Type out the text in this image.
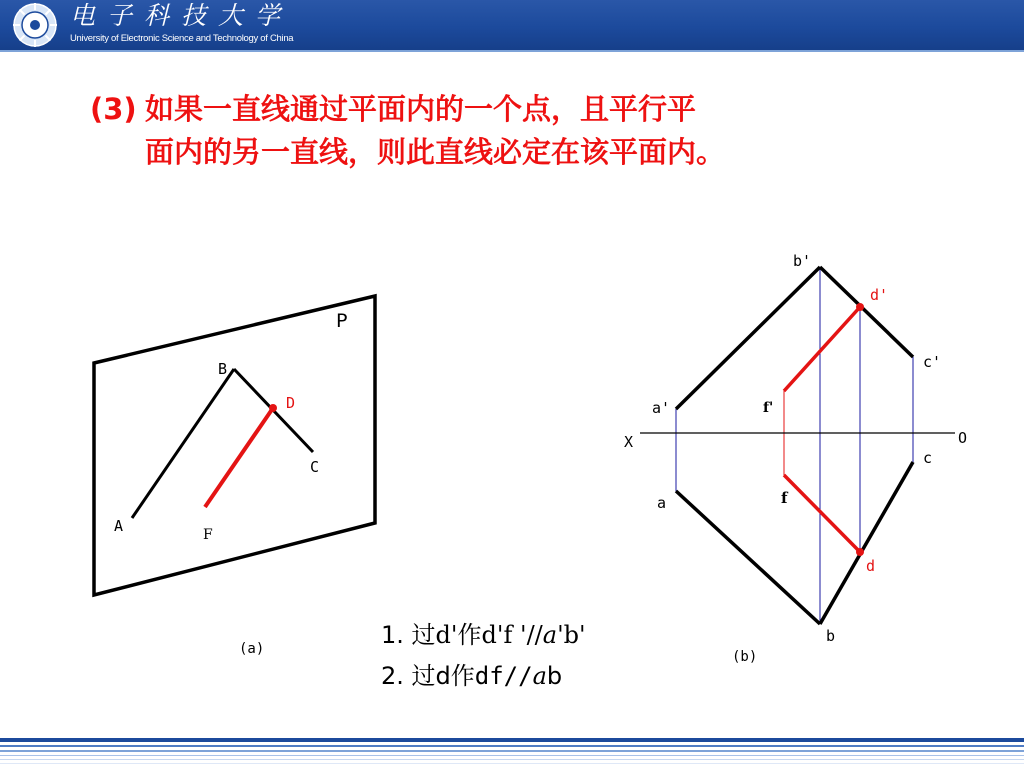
电子科技大学
University of Electronic Science and Technology of China
(3) 如果一直线通过平面内的一个点，且平行平
面内的另一直线，则此直线必定在该平面内。
P
B
D
C
A	F
(a)
b'
d'
c'
a'	f'
X	O
c
a	f
d
b
(b)
1. 过d'作d'f '//a'b'
2. 过d作df//ab
